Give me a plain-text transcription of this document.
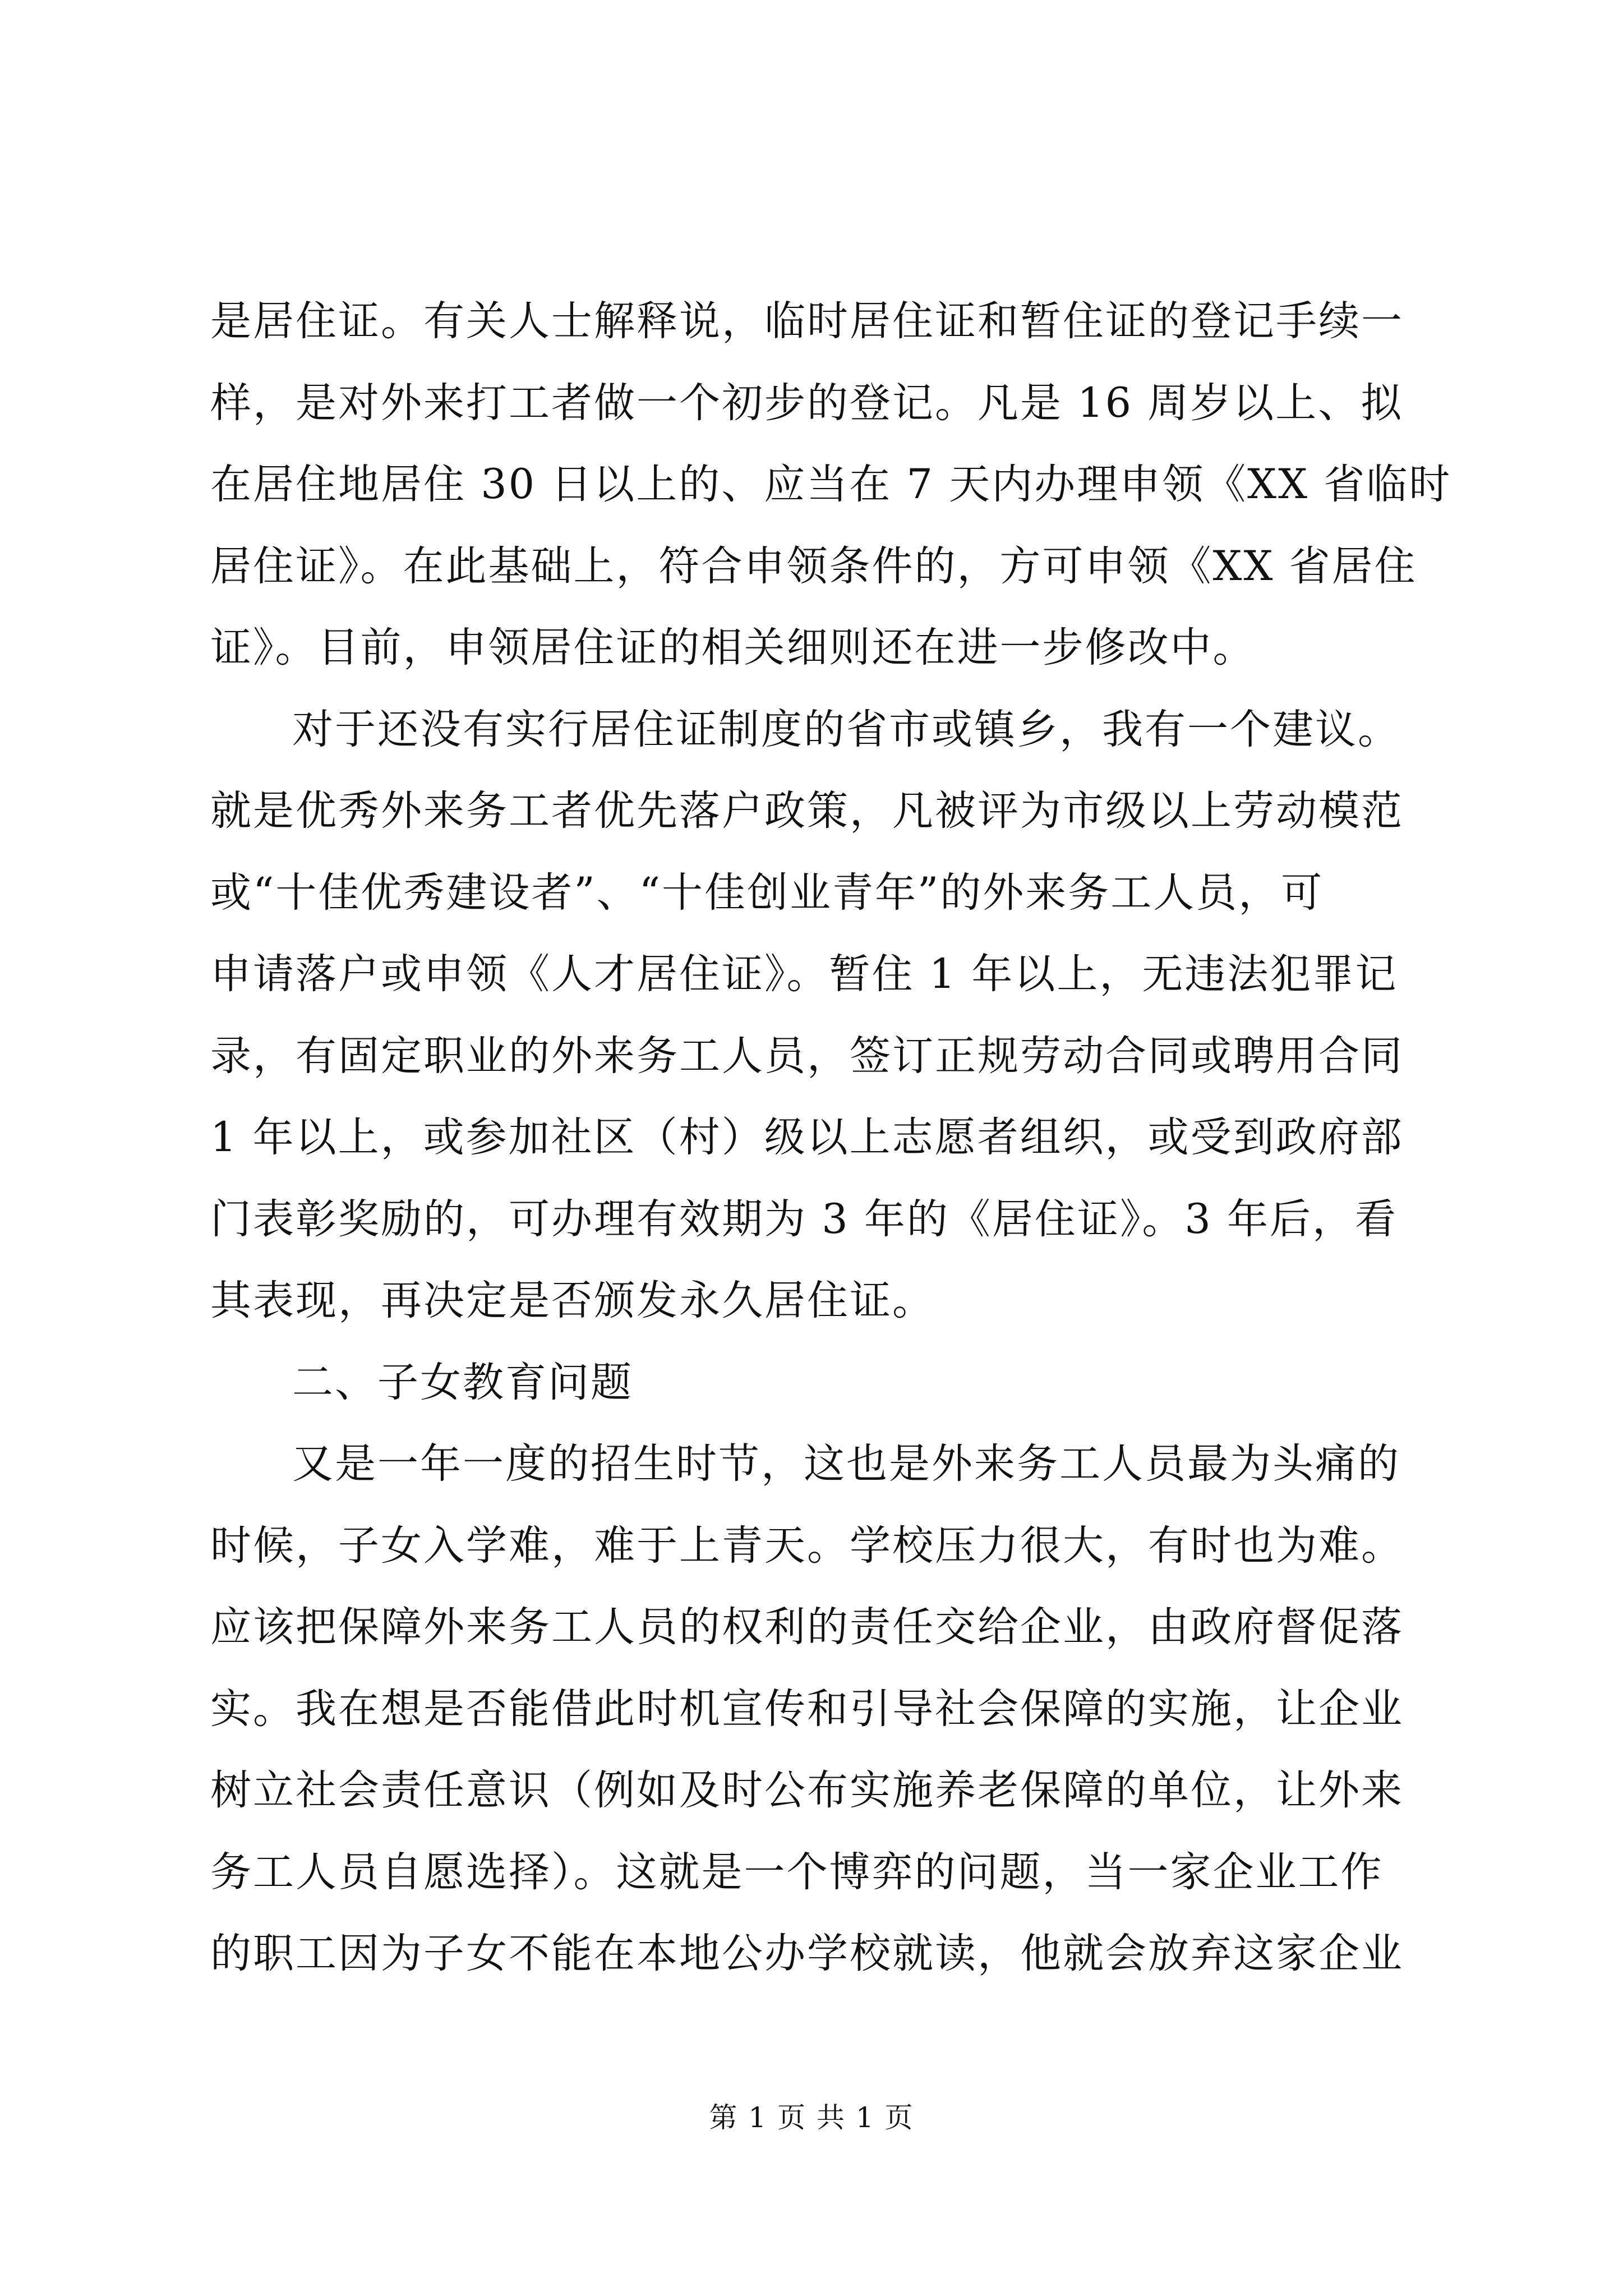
是居住证。有关人士解释说，临时居住证和暂住证的登记手续一
样，是对外来打工者做一个初步的登记。凡是 16 周岁以上、拟
在居住地居住 30 日以上的、应当在 7 天内办理申领《XX 省临时
居住证》。在此基础上，符合申领条件的，方可申领《XX 省居住
证》。目前，申领居住证的相关细则还在进一步修改中。
对于还没有实行居住证制度的省市或镇乡，我有一个建议。
就是优秀外来务工者优先落户政策，凡被评为市级以上劳动模范
或“十佳优秀建设者”、“十佳创业青年”的外来务工人员，可
申请落户或申领《人才居住证》。暂住 1 年以上，无违法犯罪记
录，有固定职业的外来务工人员，签订正规劳动合同或聘用合同
1 年以上，或参加社区（村）级以上志愿者组织，或受到政府部
门表彰奖励的，可办理有效期为 3 年的《居住证》。3 年后，看
其表现，再决定是否颁发永久居住证。
二、子女教育问题
又是一年一度的招生时节，这也是外来务工人员最为头痛的
时候，子女入学难，难于上青天。学校压力很大，有时也为难。
应该把保障外来务工人员的权利的责任交给企业，由政府督促落
实。我在想是否能借此时机宣传和引导社会保障的实施，让企业
树立社会责任意识（例如及时公布实施养老保障的单位，让外来
务工人员自愿选择）。这就是一个博弈的问题，当一家企业工作
的职工因为子女不能在本地公办学校就读，他就会放弃这家企业
第 1 页 共 1 页
